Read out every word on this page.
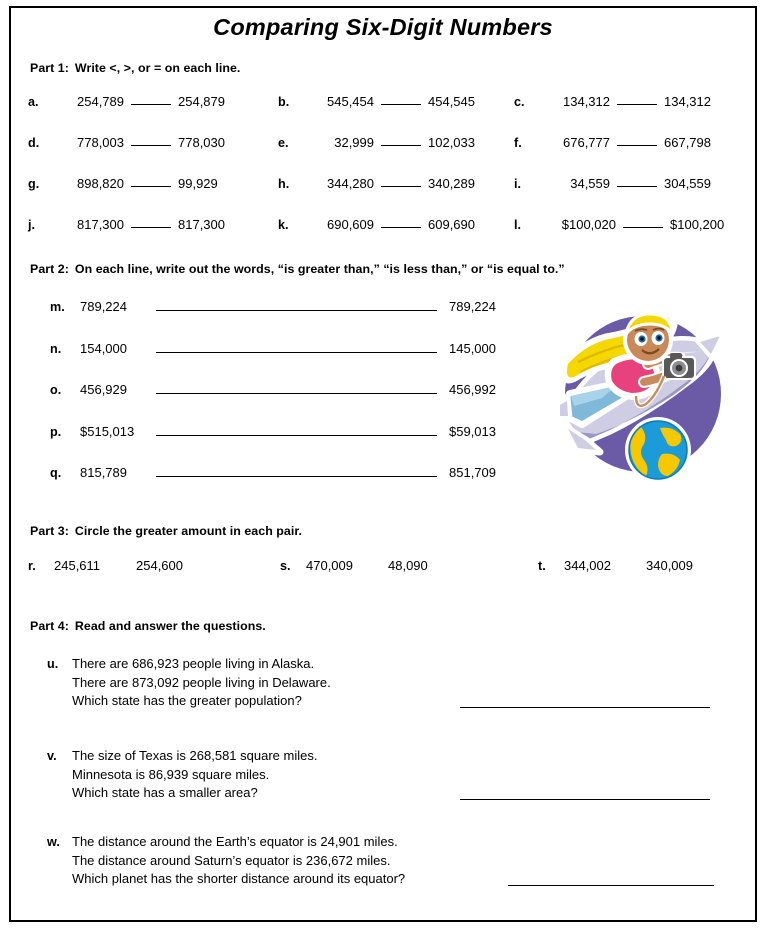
Comparing Six-Digit Numbers
Part 1: Write <, >, or = on each line.
a.	254,789	254,879	b.	545,454	454,545	c.	134,312	134,312
d.	778,003	778,030	e.	32,999	102,033	f.	676,777	667,798
g.	898,820	99,929	h.	344,280	340,289	i.	34,559	304,559
j.	817,300	817,300	k.	690,609	609,690	l.	$100,020	$100,200
Part 2: On each line, write out the words, “is greater than,” “is less than,” or “is equal to.”
m.	789,224	789,224
n.	154,000	145,000
o.	456,929	456,992
p.	$515,013	$59,013
q.	815,789	851,709
Part 3: Circle the greater amount in each pair.
r.	245,611	254,600	s.	470,009	48,090	t.	344,002	340,009
Part 4: Read and answer the questions.
u. There are 686,923 people living in Alaska.
There are 873,092 people living in Delaware.
Which state has the greater population?
v. The size of Texas is 268,581 square miles.
Minnesota is 86,939 square miles.
Which state has a smaller area?
w. The distance around the Earth’s equator is 24,901 miles.
The distance around Saturn’s equator is 236,672 miles.
Which planet has the shorter distance around its equator?
